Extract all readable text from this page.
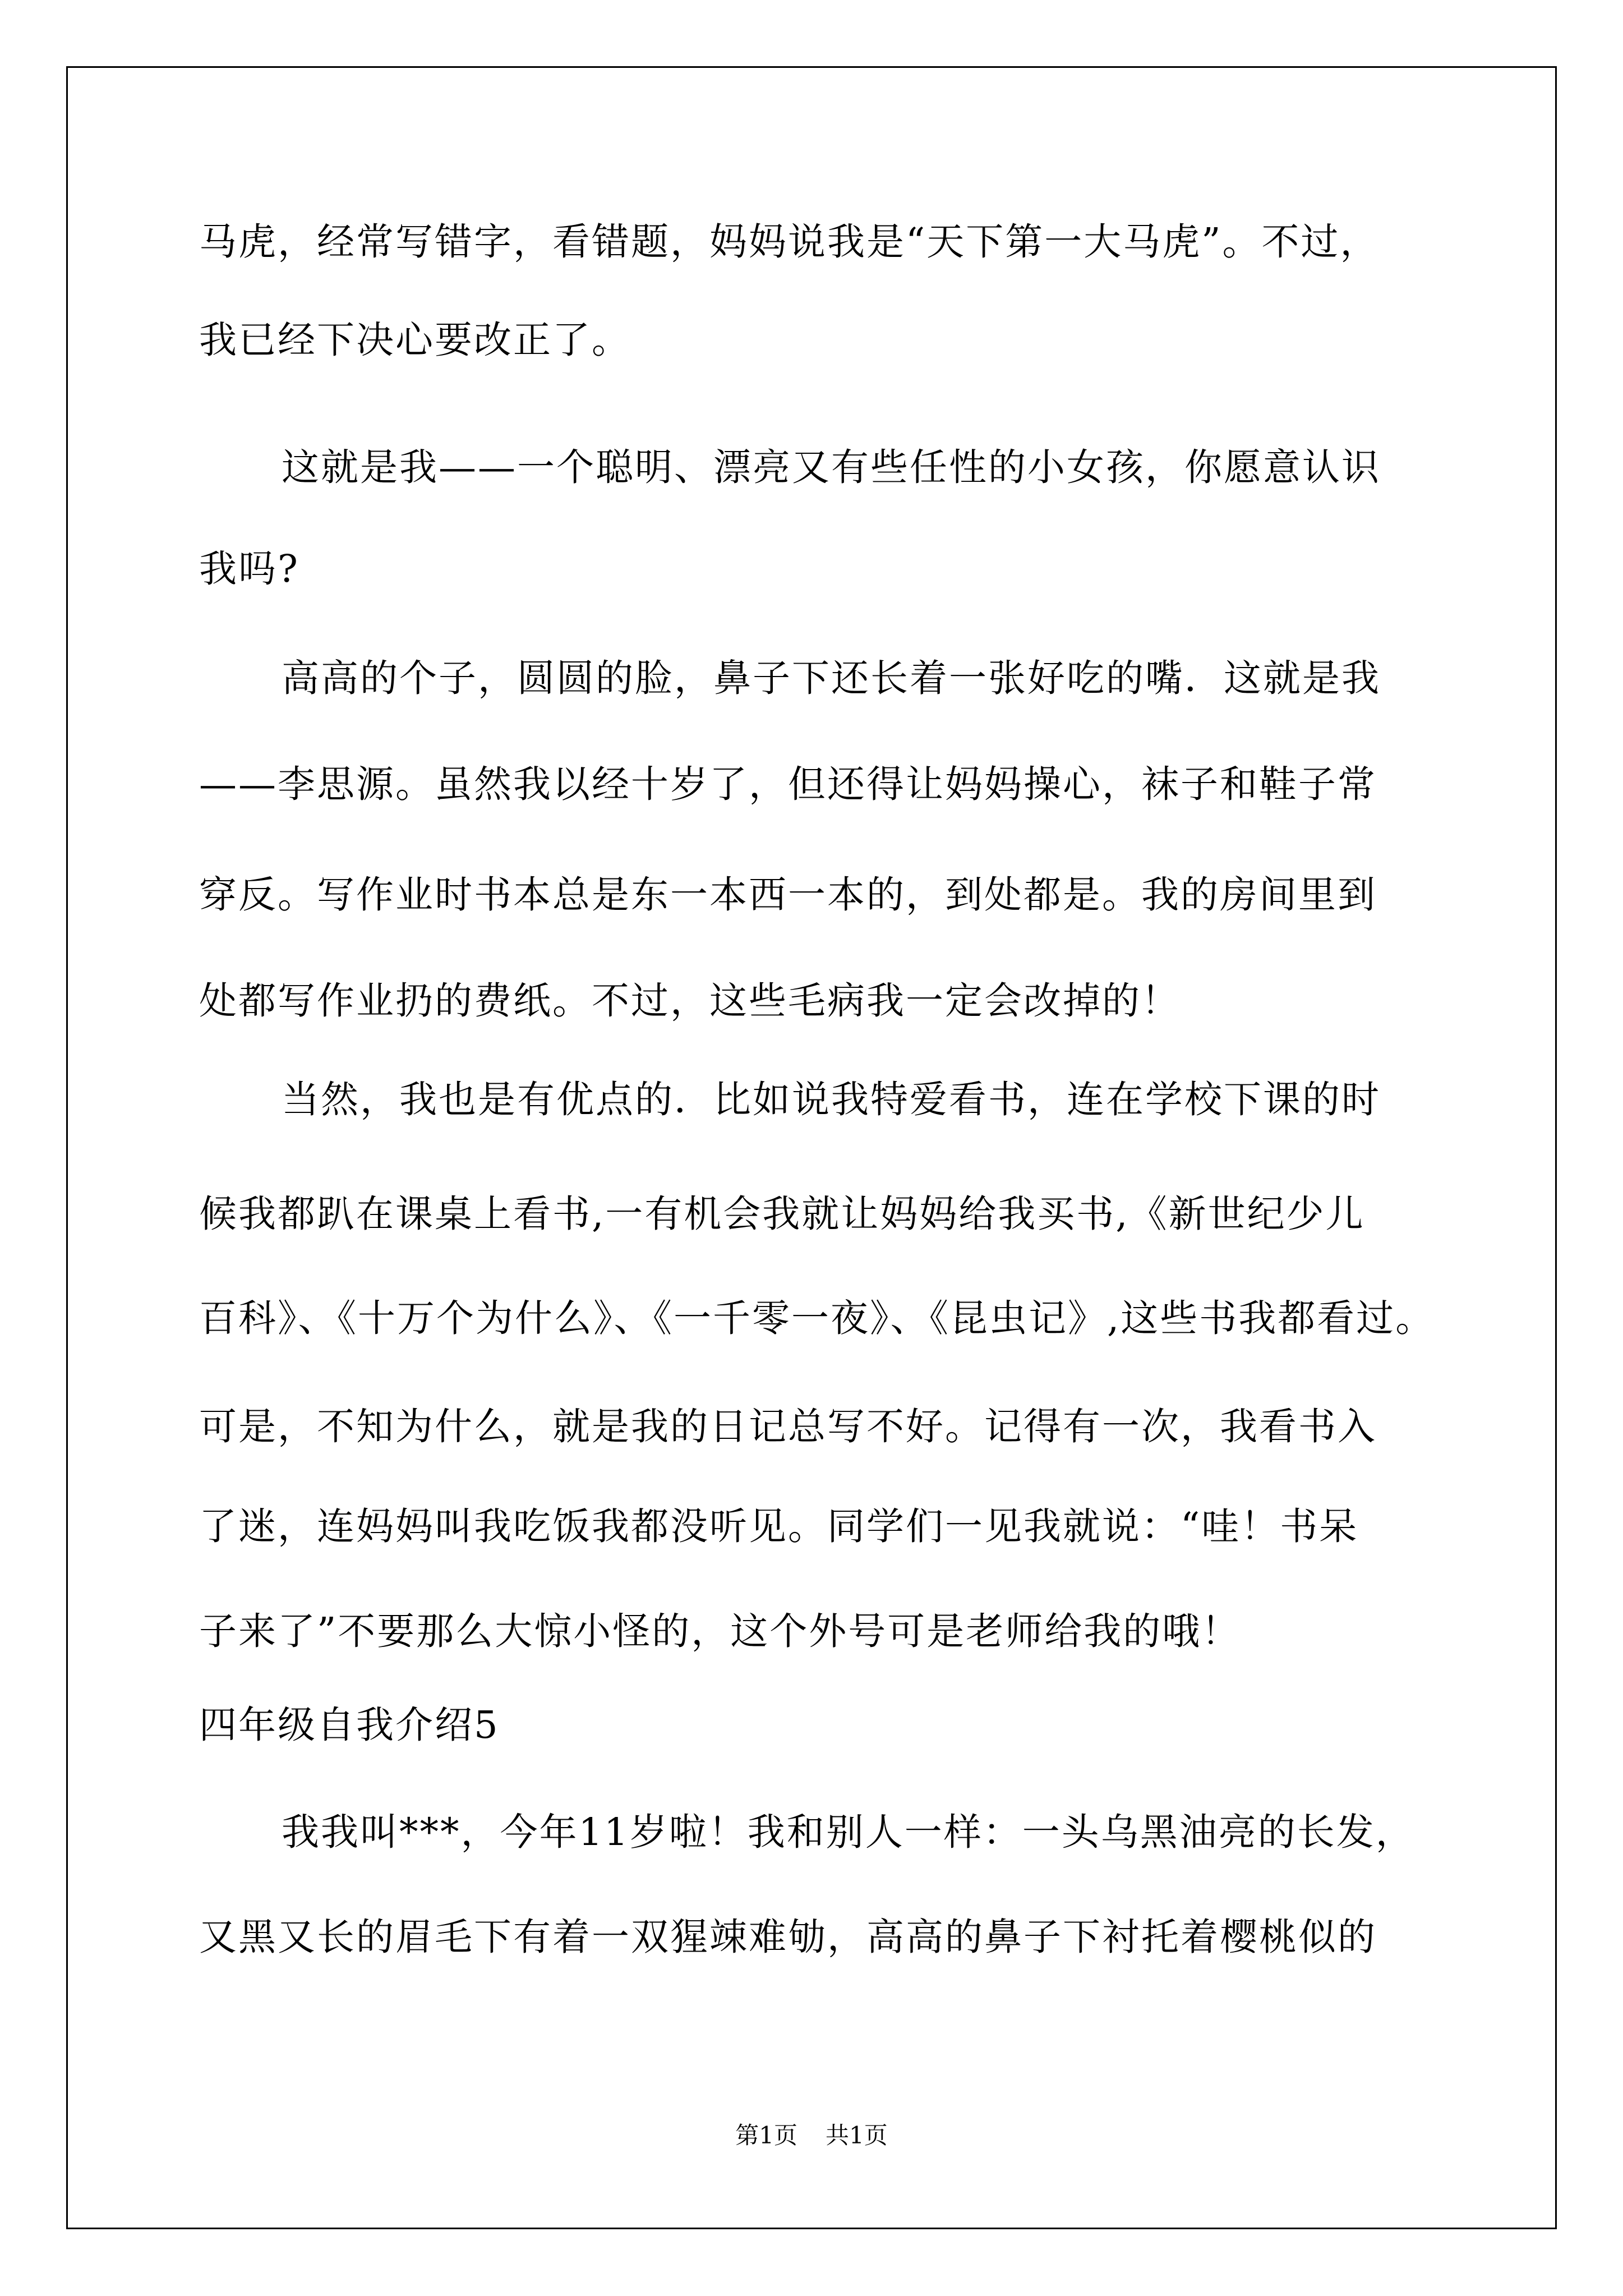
马虎，经常写错字，看错题，妈妈说我是“天下第一大马虎”。不过，
我已经下决心要改正了。
这就是我——一个聪明、漂亮又有些任性的小女孩，你愿意认识
我吗?
高高的个子，圆圆的脸，鼻子下还长着一张好吃的嘴．这就是我
——李思源。虽然我以经十岁了，但还得让妈妈操心，袜子和鞋子常
穿反。写作业时书本总是东一本西一本的，到处都是。我的房间里到
处都写作业扔的费纸。不过，这些毛病我一定会改掉的！
当然，我也是有优点的．比如说我特爱看书，连在学校下课的时
候我都趴在课桌上看书,一有机会我就让妈妈给我买书,《新世纪少儿
百科》、《十万个为什么》、《一千零一夜》、《昆虫记》,这些书我都看过。
可是，不知为什么，就是我的日记总写不好。记得有一次，我看书入
了迷，连妈妈叫我吃饭我都没听见。同学们一见我就说：“哇！书呆
子来了”不要那么大惊小怪的，这个外号可是老师给我的哦！
四年级自我介绍5
我我叫***，今年11岁啦！我和别人一样：一头乌黑油亮的长发，
又黑又长的眉毛下有着一双猩竦难劬，高高的鼻子下衬托着樱桃似的
第1页 共1页
